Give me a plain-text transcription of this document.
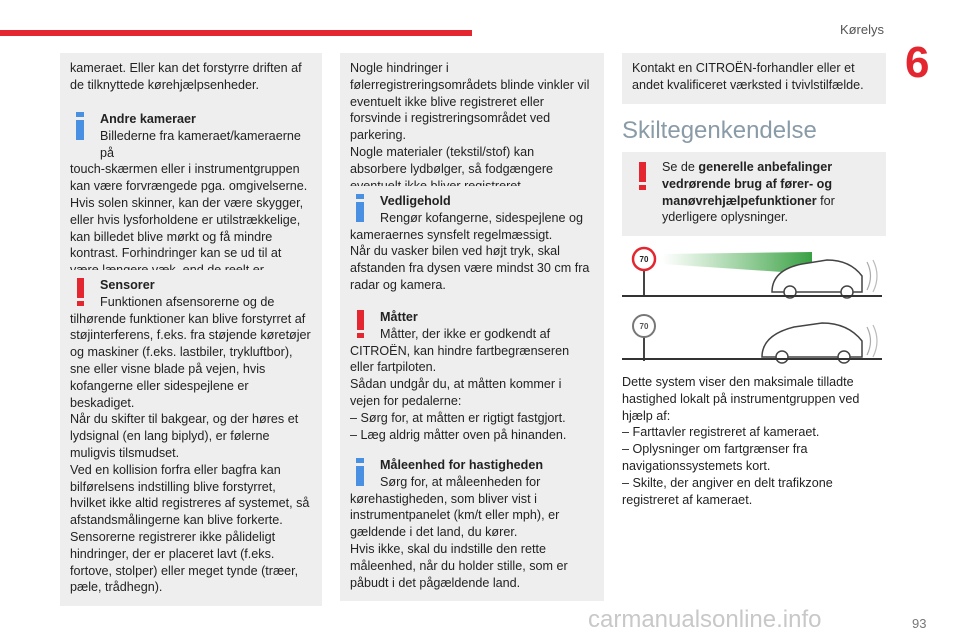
Kørelys
6

kameraet. Eller kan det forstyrre driften af de tilknyttede kørehjælpsenheder.

Andre kameraer
Billederne fra kameraet/kameraerne på

touch-skærmen eller i instrumentgruppen kan være forvrængede pga. omgivelserne. Hvis solen skinner, kan der være skygger, eller hvis lysforholdene er utilstrækkelige, kan billedet blive mørkt og få mindre kontrast. Forhindringer kan se ud til at

Sensorer
Funktionen afsensorerne og de

tilhørende funktioner kan blive forstyrret af støjinterferens, f.eks. fra støjende køretøjer og maskiner (f.eks. lastbiler, trykluftbor), sne eller visne blade på vejen, hvis kofangerne eller sidespejlene er beskadiget.

Når du skifter til bakgear, og der høres et lydsignal (en lang biplyd), er følerne muligvis tilsmudset.

Ved en kollision forfra eller bagfra kan bilførelsens indstilling blive forstyrret, hvilket ikke altid registreres af systemet, så afstandsmålingerne kan blive forkerte.

Sensorerne registrerer ikke pålideligt hindringer, der er placeret lavt (f.eks. fortove, stolper) eller meget tynde (træer, pæle, trådhegn).

Nogle hindringer i følerregistreringsområdets blinde vinkler vil eventuelt ikke blive registreret eller forsvinde i registreringsområdet ved parkering.

Nogle materialer (tekstil/stof) kan absorbere lydbølger, så fodgængere

Vedligehold
Rengør kofangerne, sidespejlene og

kameraernes synsfelt regelmæssigt.

Når du vasker bilen ved højt tryk, skal afstanden fra dysen være mindst 30 cm fra radar og kamera.

Måtter
Måtter, der ikke er godkendt af

CITROËN, kan hindre fartbegrænseren eller fartpiloten.

Sådan undgår du, at måtten kommer i vejen for pedalerne:

– Sørg for, at måtten er rigtigt fastgjort.

– Læg aldrig måtter oven på hinanden.

Måleenhed for hastigheden
Sørg for, at måleenheden for

kørehastigheden, som bliver vist i instrumentpanelet (km/t eller mph), er gældende i det land, du kører.

Hvis ikke, skal du indstille den rette måleenhed, når du holder stille, som er påbudt i det pågældende land.

Kontakt en CITROËN-forhandler eller et andet kvalificeret værksted i tvivlstilfælde.

Skiltegenkendelse
Se de generelle anbefalinger vedrørende brug af fører- og manøvrehjælpefunktioner for yderligere oplysninger.
70
70

Dette system viser den maksimale tilladte hastighed lokalt på instrumentgruppen ved hjælp af:

– Farttavler registreret af kameraet.

– Oplysninger om fartgrænser fra navigationssystemets kort.

– Skilte, der angiver en delt trafikzone registreret af kameraet.

carmanualsonline.info	93
